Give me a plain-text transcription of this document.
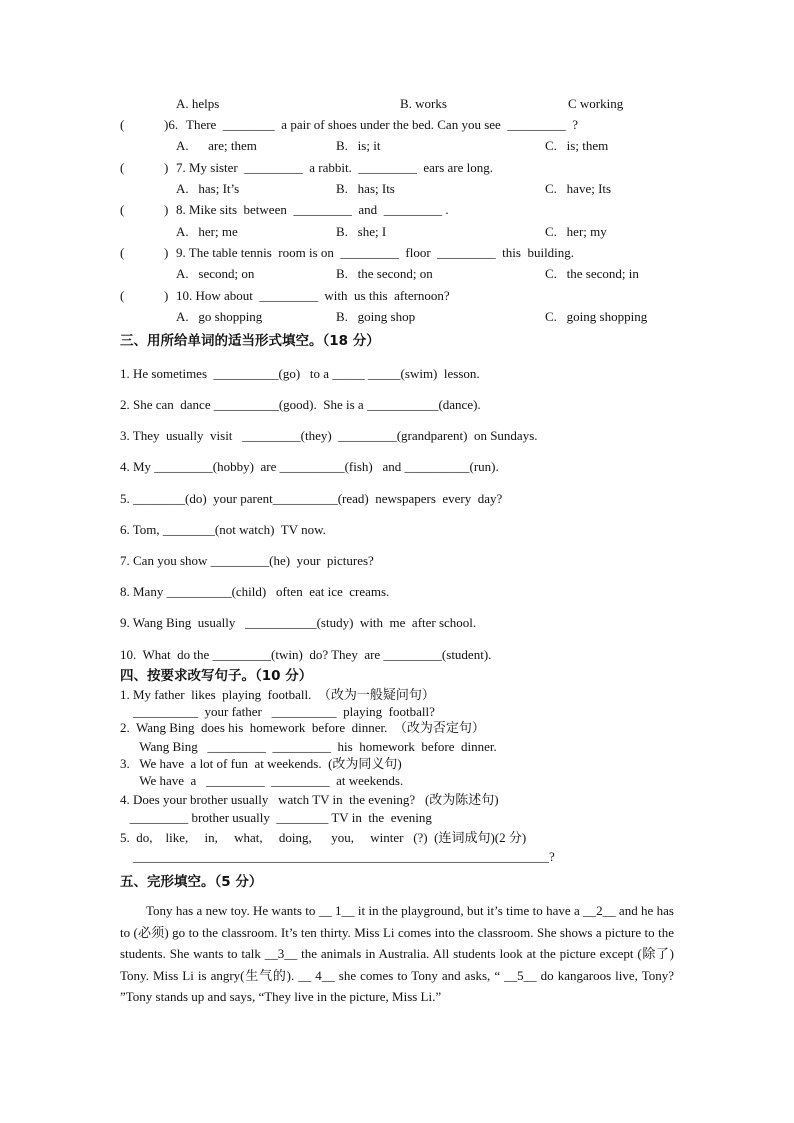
A. helps	B. works	C working
(	)6. There  ________  a pair of shoes under the bed. Can you see  _________  ?
A.      are; them	B.   is; it	C.   is; them
(	) 7. My sister  _________  a rabbit.  _________  ears are long.
A.   has; It’s	B.   has; Its	C.   have; Its
(	) 8. Mike sits  between  _________  and  _________ .
A.   her; me	B.   she; I	C.   her; my
(	) 9. The table tennis  room is on  _________  floor  _________  this  building.
A.   second; on	B.   the second; on	C.   the second; in
(	) 10. How about  _________  with  us this  afternoon?
A.   go shopping	B.   going shop	C.   going shopping
三、用所给单词的适当形式填空。（18 分）
1. He sometimes  __________(go)   to a _____ _____(swim)  lesson.
2. She can  dance __________(good).  She is a ___________(dance).
3. They  usually  visit   _________(they)  _________(grandparent)  on Sundays.
4. My _________(hobby)  are __________(fish)   and __________(run).
5. ________(do)  your parent__________(read)  newspapers  every  day?
6. Tom, ________(not watch)  TV now.
7. Can you show _________(he)  your  pictures?
8. Many __________(child)   often  eat ice  creams.
9. Wang Bing  usually   ___________(study)  with  me  after school.
10.  What  do the _________(twin)  do? They  are _________(student).
四、按要求改写句子。（10 分）
1. My father  likes  playing  football.  （改为一般疑问句）
__________  your father   __________  playing  football?
2.  Wang Bing  does his  homework  before  dinner.  （改为否定句）
Wang Bing   _________  _________  his  homework  before  dinner.
3.   We have  a lot of fun  at weekends.  (改为同义句)
We have  a   _________  _________  at weekends.
4. Does your brother usually   watch TV in  the evening?   (改为陈述句)
_________ brother usually  ________ TV in  the  evening
5.  do,    like,     in,     what,     doing,      you,     winter   (?)  (连词成句)(2 分)
________________________________________________________________?
五、完形填空。（5 分）

Tony has a new toy. He wants to __ 1__ it in the playground, but it’s time to have a __2__ and he has to (必须) go to the classroom. It’s ten thirty. Miss Li comes into the classroom. She shows a picture to the students. She wants to talk __3__ the animals in Australia. All students look at the picture except (除了) Tony. Miss Li is angry(生气的). __ 4__ she comes to Tony and asks, “ __5__ do kangaroos live, Tony? ”Tony stands up and says, “They live in the picture, Miss Li.”
